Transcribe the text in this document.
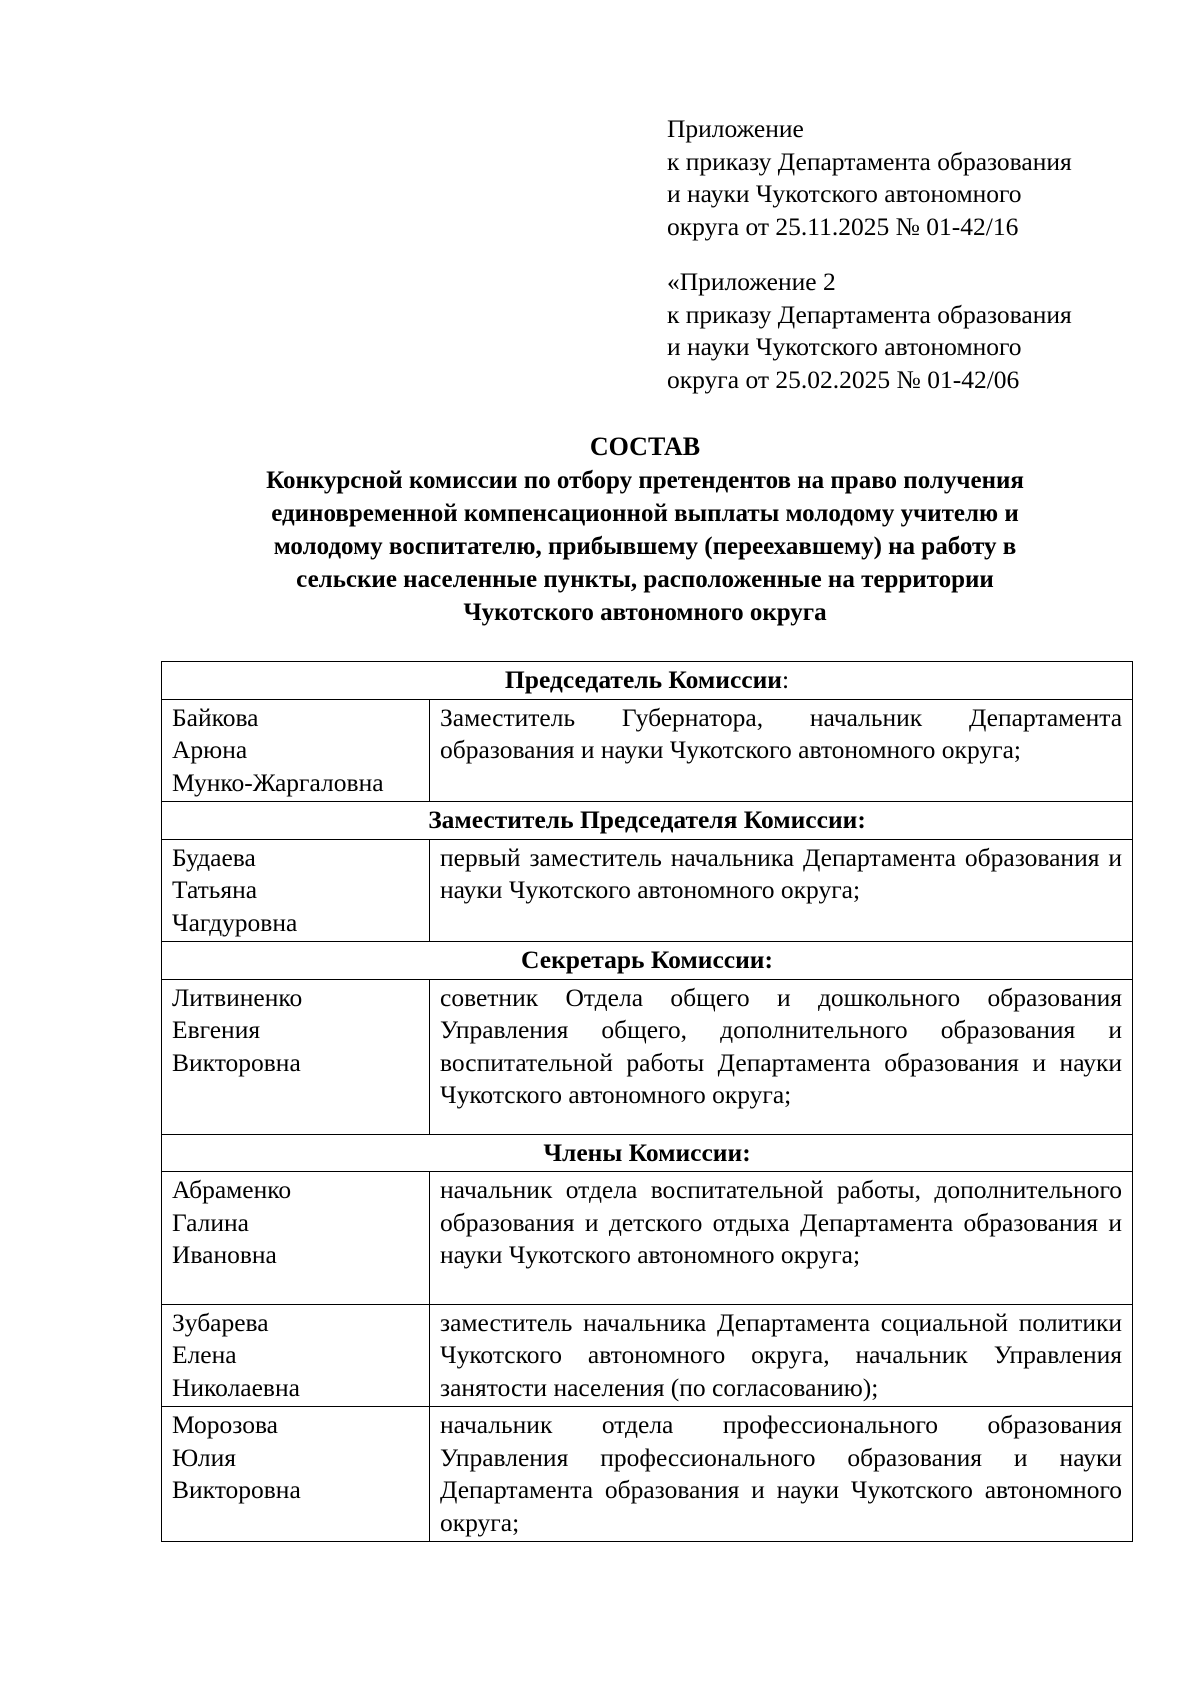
Приложение
к приказу Департамента образования
и науки Чукотского автономного
округа от 25.11.2025 № 01-42/16
«Приложение 2
к приказу Департамента образования
и науки Чукотского автономного
округа от 25.02.2025 № 01-42/06
СОСТАВ
Конкурсной комиссии по отбору претендентов на право получения
единовременной компенсационной выплаты молодому учителю и
молодому воспитателю, прибывшему (переехавшему) на работу в
сельские населенные пункты, расположенные на территории
Чукотского автономного округа
Председатель Комиссии:	

Байкова
Арюна
Мунко-Жаргаловна	Заместитель Губернатора, начальник Департамента образования и науки Чукотского автономного округа;
Заместитель Председателя Комиссии:	

Будаева
Татьяна
Чагдуровна	первый заместитель начальника Департамента образования и науки Чукотского автономного округа;
Секретарь Комиссии:	

Литвиненко
Евгения
Викторовна	советник Отдела общего и дошкольного образования Управления общего, дополнительного образования и воспитательной работы Департамента образования и науки Чукотского автономного округа;
Члены Комиссии:	

Абраменко
Галина
Ивановна	начальник отдела воспитательной работы, дополнительного образования и детского отдыха Департамента образования и науки Чукотского автономного округа;

Зубарева
Елена
Николаевна	заместитель начальника Департамента социальной политики Чукотского автономного округа, начальник Управления занятости населения (по согласованию);

Морозова
Юлия
Викторовна	начальник отдела профессионального образования Управления профессионального образования и науки Департамента образования и науки Чукотского автономного округа;
